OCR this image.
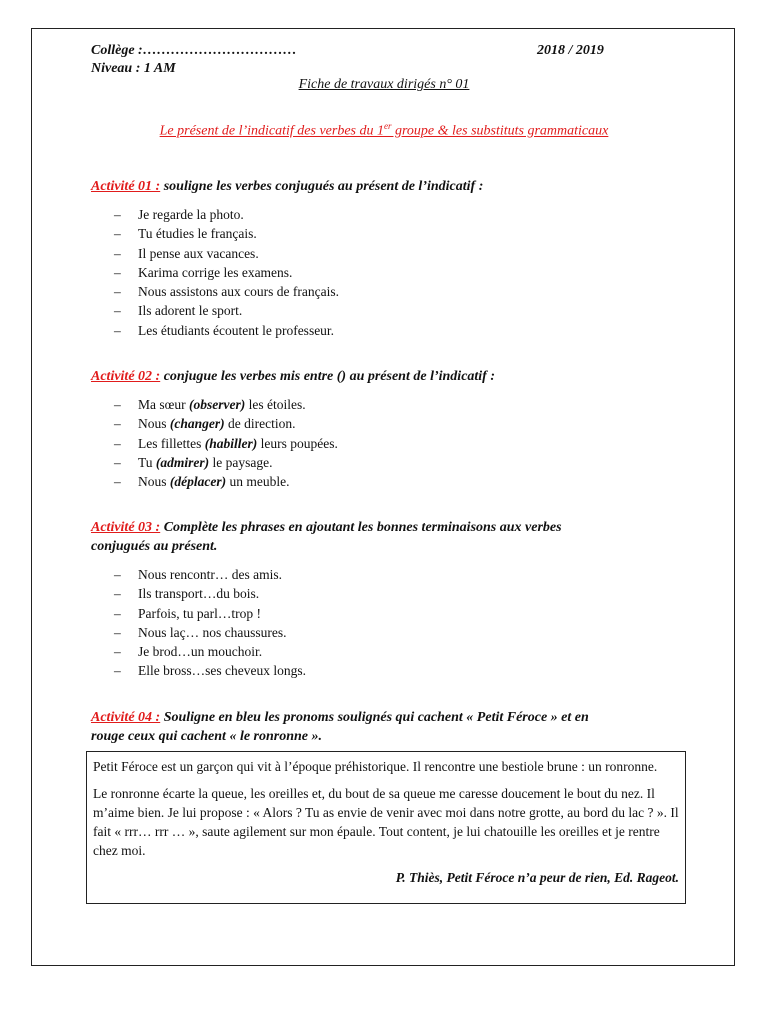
Collège :……………………………	2018 / 2019
Niveau : 1 AM
Fiche de travaux dirigés n° 01
Le présent de l’indicatif des verbes du 1er groupe & les substituts grammaticaux
Activité 01 : souligne les verbes conjugués au présent de l’indicatif :
– Je regarde la photo.
– Tu étudies le français.
– Il pense aux vacances.
– Karima corrige les examens.
– Nous assistons aux cours de français.
– Ils adorent le sport.
– Les étudiants écoutent le professeur.
Activité 02 : conjugue les verbes mis entre () au présent de l’indicatif :
– Ma sœur (observer) les étoiles.
– Nous (changer) de direction.
– Les fillettes (habiller) leurs poupées.
– Tu (admirer) le paysage.
– Nous (déplacer) un meuble.
Activité 03 : Complète les phrases en ajoutant les bonnes terminaisons aux verbes
conjugués au présent.
– Nous rencontr… des amis.
– Ils transport…du bois.
– Parfois, tu parl…trop !
– Nous laç… nos chaussures.
– Je brod…un mouchoir.
– Elle bross…ses cheveux longs.
Activité 04 : Souligne en bleu les pronoms soulignés qui cachent « Petit Féroce » et en
rouge ceux qui cachent « le ronronne ».

Petit Féroce est un garçon qui vit à l’époque préhistorique. Il rencontre une bestiole brune : un ronronne.

Le ronronne écarte la queue, les oreilles et, du bout de sa queue me caresse doucement le bout du nez. Il m’aime bien. Je lui propose : « Alors ? Tu as envie de venir avec moi dans notre grotte, au bord du lac ? ». Il fait « rrr… rrr … », saute agilement sur mon épaule. Tout content, je lui chatouille les oreilles et je rentre chez moi.

P. Thiès, Petit Féroce n’a peur de rien, Ed. Rageot.
